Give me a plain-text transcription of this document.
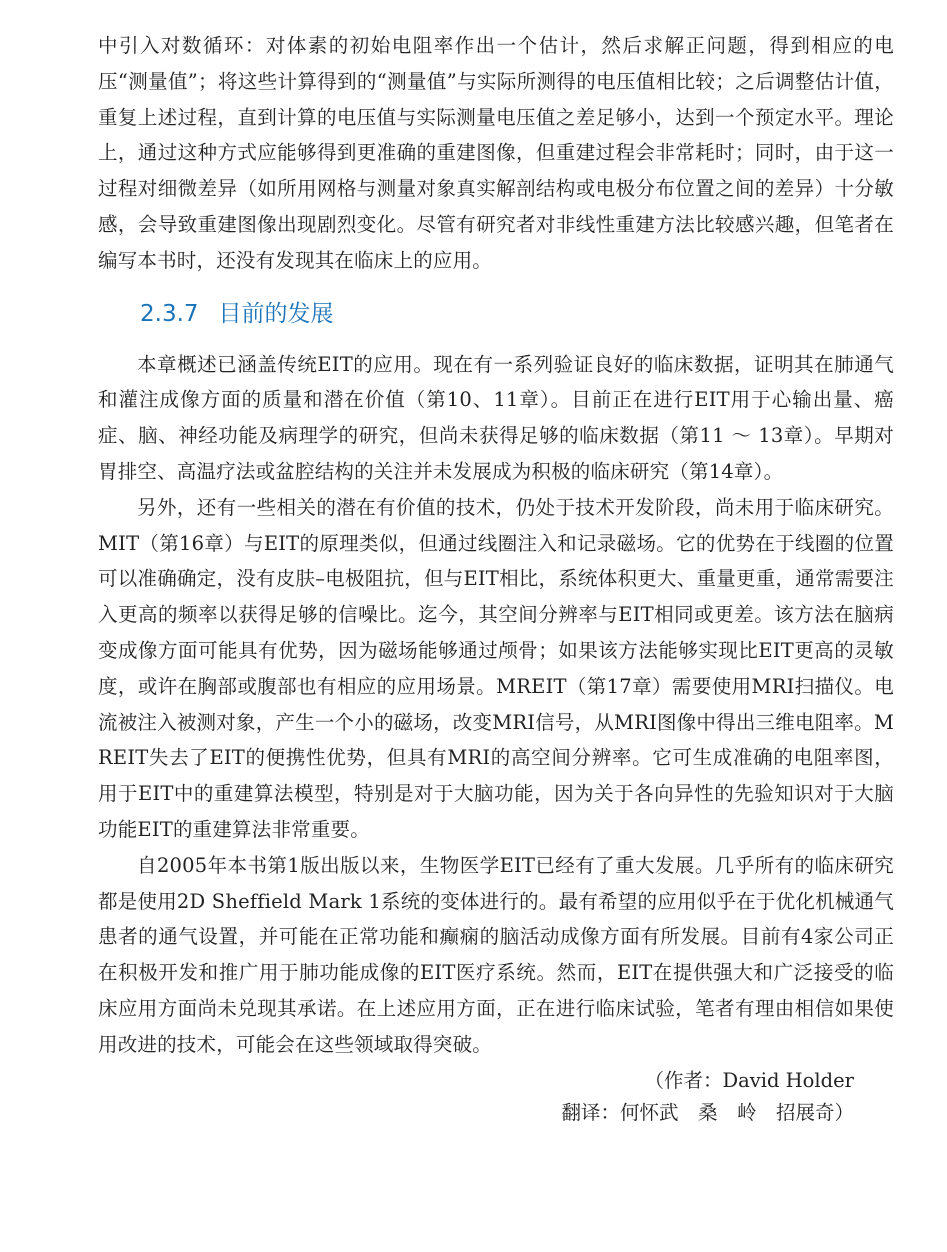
中引入对数循环：对体素的初始电阻率作出一个估计，然后求解正问题，得到相应的电压“测量值”；将这些计算得到的“测量值”与实际所测得的电压值相比较；之后调整估计值，重复上述过程，直到计算的电压值与实际测量电压值之差足够小，达到一个预定水平。理论上，通过这种方式应能够得到更准确的重建图像，但重建过程会非常耗时；同时，由于这一过程对细微差异（如所用网格与测量对象真实解剖结构或电极分布位置之间的差异）十分敏感，会导致重建图像出现剧烈变化。尽管有研究者对非线性重建方法比较感兴趣，但笔者在编写本书时，还没有发现其在临床上的应用。

2.3.7 目前的发展

本章概述已涵盖传统EIT的应用。现在有一系列验证良好的临床数据，证明其在肺通气和灌注成像方面的质量和潜在价值（第10、11章）。目前正在进行EIT用于心输出量、癌症、脑、神经功能及病理学的研究，但尚未获得足够的临床数据（第11 ～ 13章）。早期对胃排空、高温疗法或盆腔结构的关注并未发展成为积极的临床研究（第14章）。

另外，还有一些相关的潜在有价值的技术，仍处于技术开发阶段，尚未用于临床研究。MIT（第16章）与EIT的原理类似，但通过线圈注入和记录磁场。它的优势在于线圈的位置可以准确确定，没有皮肤–电极阻抗，但与EIT相比，系统体积更大、重量更重，通常需要注入更高的频率以获得足够的信噪比。迄今，其空间分辨率与EIT相同或更差。该方法在脑病变成像方面可能具有优势，因为磁场能够通过颅骨；如果该方法能够实现比EIT更高的灵敏度，或许在胸部或腹部也有相应的应用场景。MREIT（第17章）需要使用MRI扫描仪。电流被注入被测对象，产生一个小的磁场，改变MRI信号，从MRI图像中得出三维电阻率。MREIT失去了EIT的便携性优势，但具有MRI的高空间分辨率。它可生成准确的电阻率图，用于EIT中的重建算法模型，特别是对于大脑功能，因为关于各向异性的先验知识对于大脑功能EIT的重建算法非常重要。

自2005年本书第1版出版以来，生物医学EIT已经有了重大发展。几乎所有的临床研究都是使用2D Sheffield Mark 1系统的变体进行的。最有希望的应用似乎在于优化机械通气患者的通气设置，并可能在正常功能和癫痫的脑活动成像方面有所发展。目前有4家公司正在积极开发和推广用于肺功能成像的EIT医疗系统。然而，EIT在提供强大和广泛接受的临床应用方面尚未兑现其承诺。在上述应用方面，正在进行临床试验，笔者有理由相信如果使用改进的技术，可能会在这些领域取得突破。

（作者：David Holder
翻译：何怀武　桑　岭　招展奇）
